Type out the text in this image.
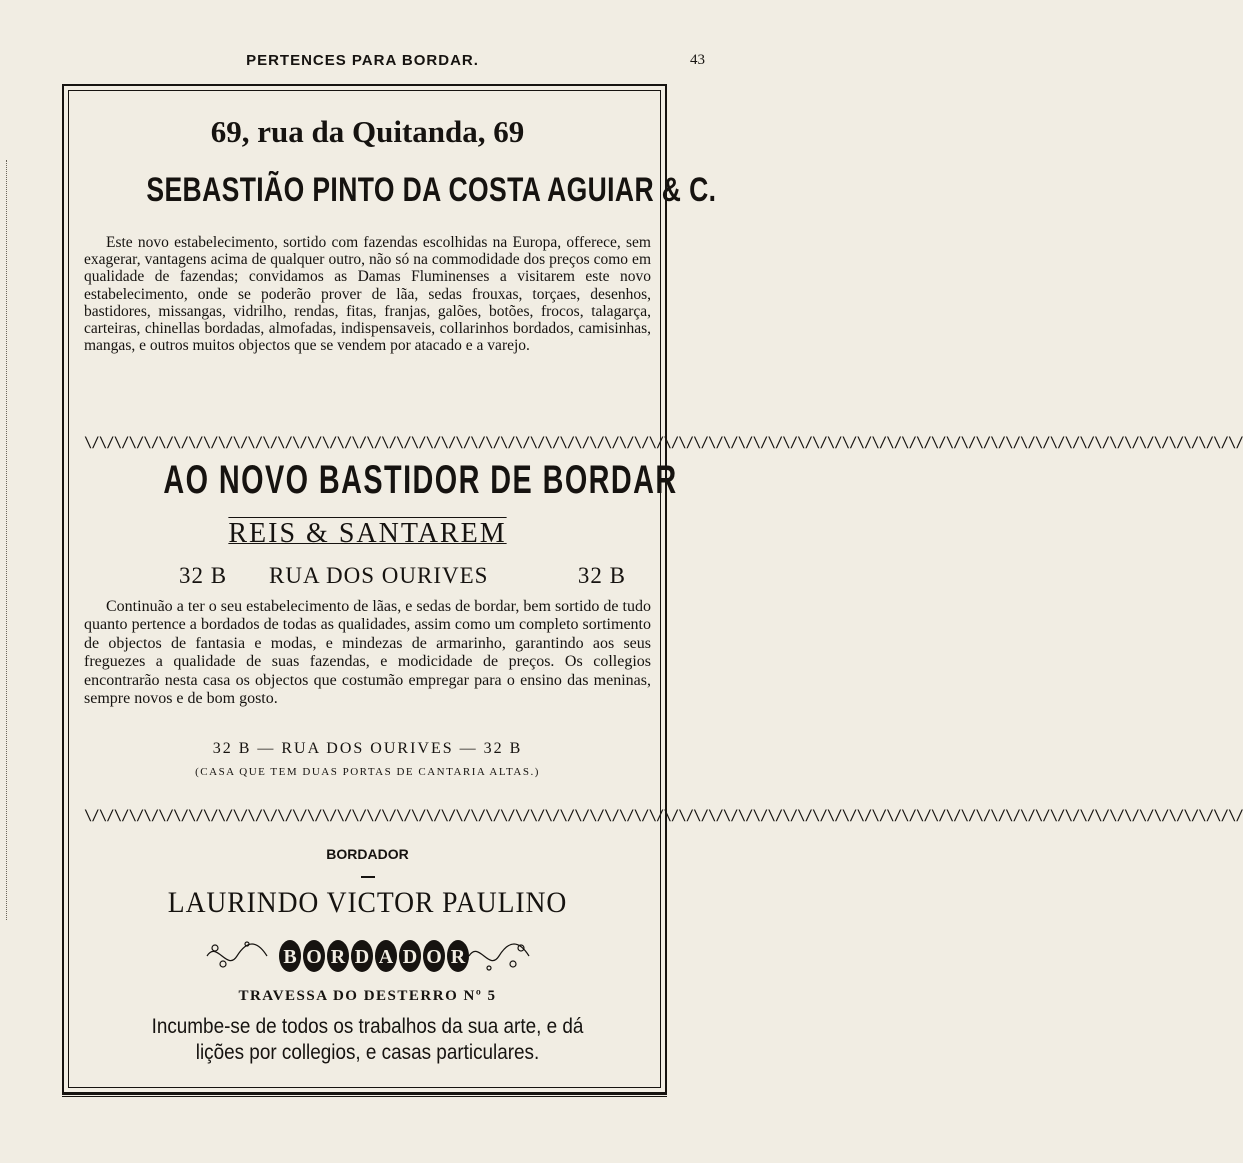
PERTENCES PARA BORDAR.	43
69, rua da Quitanda, 69
SEBASTIÃO PINTO DA COSTA AGUIAR & C.
Este novo estabelecimento, sortido com fazendas escolhidas na Europa, offerece, sem exagerar, vantagens acima de qualquer outro, não só na commodidade dos preços como em qualidade de fazendas; convidamos as Damas Fluminenses a visitarem este novo estabelecimento, onde se poderão prover de lãa, sedas frouxas, torçaes, desenhos, bastidores, missangas, vidrilho, rendas, fitas, franjas, galões, botões, frocos, talagarça, carteiras, chinellas bordadas, almofadas, indispensaveis, collarinhos bordados, camisinhas, mangas, e outros muitos objectos que se vendem por atacado e a varejo.
\/\/\/\/\/\/\/\/\/\/\/\/\/\/\/\/\/\/\/\/\/\/\/\/\/\/\/\/\/\/\/\/\/\/\/\/\/\/\/\/\/\/\/\/\/\/\/\/\/\/\/\/\/\/\/\/\/\/\/\/\/\/\/\/\/\/\/\/\/\/\/\/\/\/\/\/\/\/
AO NOVO BASTIDOR DE BORDAR
REIS & SANTAREM
32 B RUA DOS OURIVES	32 B
Continuão a ter o seu estabelecimento de lãas, e sedas de bordar, bem sortido de tudo quanto pertence a bordados de todas as qualidades, assim como um completo sortimento de objectos de fantasia e modas, e mindezas de armarinho, garantindo aos seus freguezes a qualidade de suas fazendas, e modicidade de preços. Os collegios encontrarão nesta casa os objectos que costumão empregar para o ensino das meninas, sempre novos e de bom gosto.
32 B — RUA DOS OURIVES — 32 B
(CASA QUE TEM DUAS PORTAS DE CANTARIA ALTAS.)
\/\/\/\/\/\/\/\/\/\/\/\/\/\/\/\/\/\/\/\/\/\/\/\/\/\/\/\/\/\/\/\/\/\/\/\/\/\/\/\/\/\/\/\/\/\/\/\/\/\/\/\/\/\/\/\/\/\/\/\/\/\/\/\/\/\/\/\/\/\/\/\/\/\/\/\/\/\/
BORDADOR
LAURINDO VICTOR PAULINO
B O R D A D O R
TRAVESSA DO DESTERRO Nº 5
Incumbe-se de todos os trabalhos da sua arte, e dá
lições por collegios, e casas particulares.
